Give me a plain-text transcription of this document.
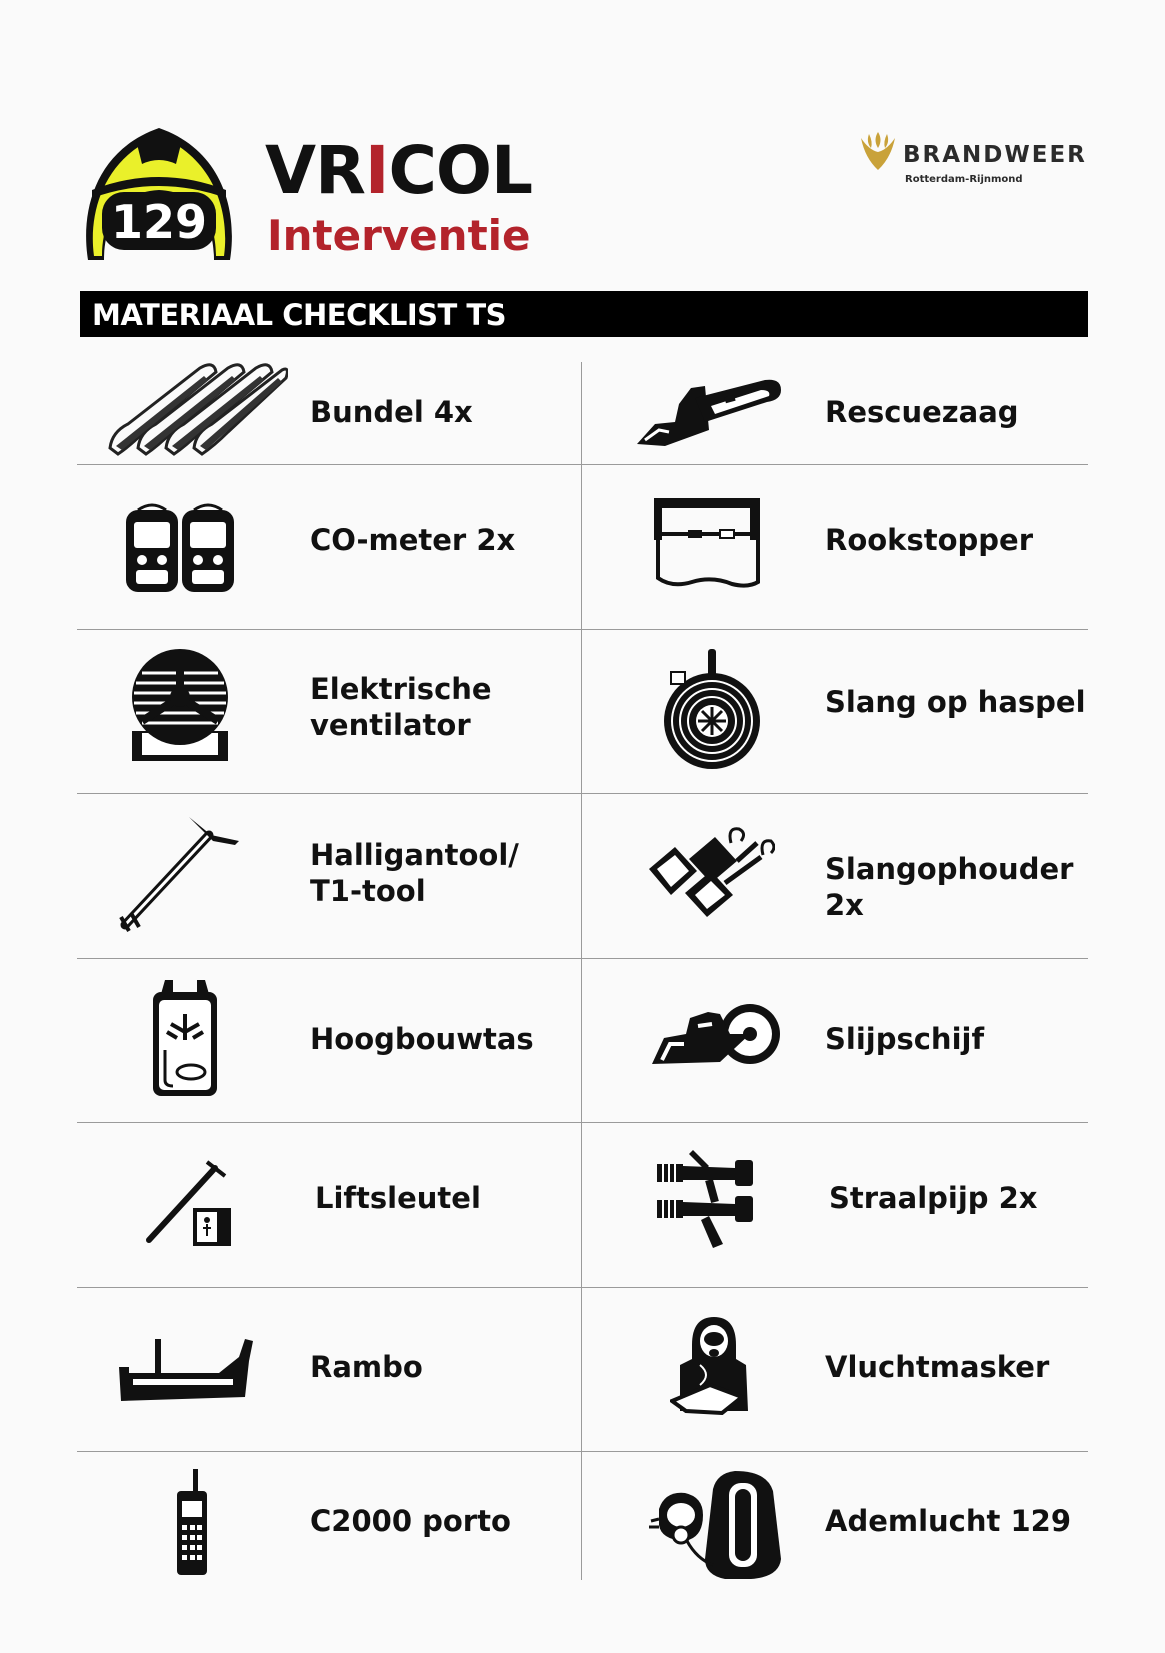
129
VRICOL
Interventie
BRANDWEER
Rotterdam-Rijnmond
MATERIAAL CHECKLIST TS
Bundel 4x
CO-meter 2x
Elektrische
ventilator
Halligantool/
T1-tool
Hoogbouwtas
Liftsleutel
Rambo
C2000 porto
Rescuezaag
Rookstopper
Slang op haspel
Slangophouder 2x
Slijpschijf
Straalpijp 2x
Vluchtmasker
Ademlucht 129
